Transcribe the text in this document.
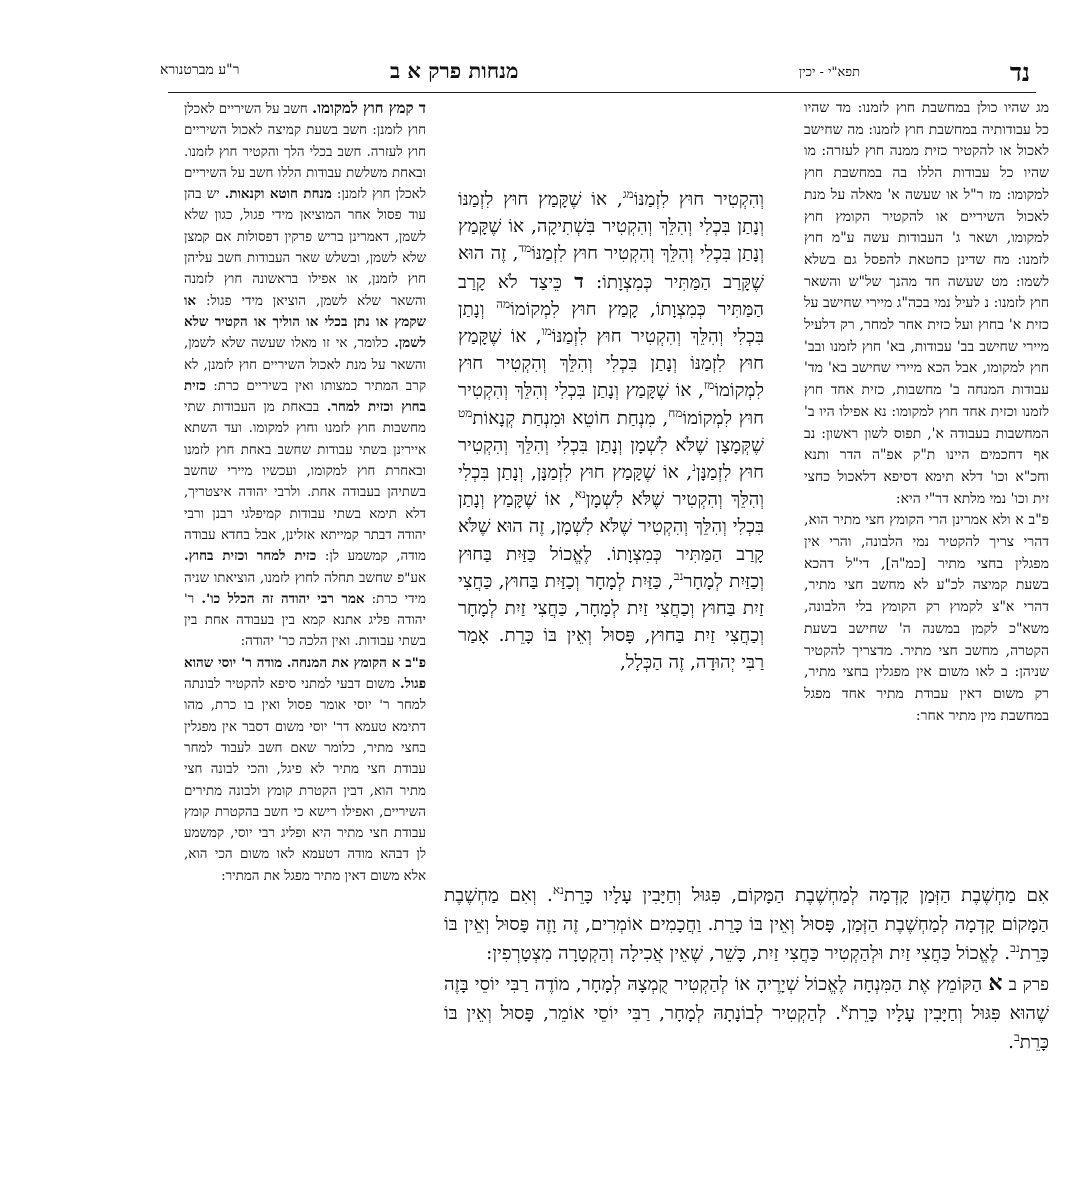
נד
תפא"י - יכין
מנחות פרק א ב
ר"ע מברטנורא

מג שהיו כולן במחשבת חוץ לזמנו: מד שהיו כל עבודותיה במחשבת חוץ לזמנו: מה שחישב לאכול או להקטיר כזית ממנה חוץ לעזרה: מו שהיו כל עבודות הללו בה במחשבת חוץ למקומו: מז ר"ל או שעשה א' מאלה על מנת לאכול השיריים או להקטיר הקומץ חוץ למקומו, ושאר ג' העבודות עשה ע"מ חוץ לזמנו: מח שדינן כחטאת להפסל גם בשלא לשמו: מט שעשה חד מהנך של"ש והשאר חוץ לזמנו: נ לעיל נמי בכה"ג מיירי שחישב על כזית א' בחוץ ועל כזית אחר למחר, רק דלעיל מיירי שחישב בב' עבודות, בא' חוץ לזמנו ובב' חוץ למקומו, אבל הכא מיירי שחישב בא' מד' עבודות המנחה ב' מחשבות, כזית אחד חוץ לזמנו וכזית אחד חוץ למקומו: נא אפילו היו ב' המחשבות בעבודה א', תפוס לשון ראשון: נב אף דחכמים היינו ת"ק אפ"ה הדר ותנא וחכ"א וכו' דלא תימא דסיפא דלאכול כחצי זית וכו' נמי מלתא דר"י היא:

פ"ב א ולא אמרינן הרי הקומץ חצי מתיר הוא, דהרי צריך להקטיר נמי הלבונה, והרי אין מפגלין בחצי מתיר [כמ"ה], די"ל דהכא בשעת קמיצה לכ"ע לא מחשב חצי מתיר, דהרי א"צ לקמוץ רק הקומץ בלי הלבונה, משא"כ לקמן במשנה ה' שחישב בשעת הקטרה, מחשב חצי מתיר. מדצריך להקטיר שניהן: ב לאו משום אין מפגלין בחצי מתיר, רק משום דאין עבודת מתיר אחד מפגל במחשבת מין מתיר אחר:

וְהִקְטִיר חוּץ לִזְמַנּוֹ$^{מג}$, אוֹ שֶׁקָּמַץ חוּץ לִזְמַנּוֹ וְנָתַן בִּכְלִי וְהִלֵּךְ וְהִקְטִיר בִּשְׁתִיקָה, אוֹ שֶׁקָּמַץ וְנָתַן בִּכְלִי וְהִלֵּךְ וְהִקְטִיר חוּץ לִזְמַנּוֹ$^{מד}$, זֶה הוּא שֶׁקָּרַב הַמַּתִּיר כְּמִצְוָתוֹ: ד כֵּיצַד לֹא קָרַב הַמַּתִּיר כְּמִצְוָתוֹ, קָמַץ חוּץ לִמְקוֹמוֹ$^{מה}$ וְנָתַן בִּכְלִי וְהִלֵּךְ וְהִקְטִיר חוּץ לִזְמַנּוֹ$^{מו}$, אוֹ שֶׁקָּמַץ חוּץ לִזְמַנּוֹ וְנָתַן בִּכְלִי וְהִלֵּךְ וְהִקְטִיר חוּץ לִמְקוֹמוֹ$^{מז}$, אוֹ שֶׁקָּמַץ וְנָתַן בִּכְלִי וְהִלֵּךְ וְהִקְטִיר חוּץ לִמְקוֹמוֹ$^{מח}$, מִנְחַת חוֹטֵא וּמִנְחַת קְנָאוֹת$^{מט}$ שֶׁקְּמָצָן שֶׁלֹּא לִשְׁמָן וְנָתַן בִּכְלִי וְהִלֵּךְ וְהִקְטִיר חוּץ לִזְמַנָּן$^נ$, אוֹ שֶׁקָּמַץ חוּץ לִזְמַנָּן, וְנָתַן בִּכְלִי וְהִלֵּךְ וְהִקְטִיר שֶׁלֹּא לִשְׁמָן$^{נא}$, אוֹ שֶׁקָּמַץ וְנָתַן בִּכְלִי וְהִלֵּךְ וְהִקְטִיר שֶׁלֹּא לִשְׁמָן, זֶה הוּא שֶׁלֹּא קָרַב הַמַּתִּיר כְּמִצְוָתוֹ. לֶאֱכוֹל כַּזַּיִת בַּחוּץ וְכַזַּיִת לְמָחָר$^{נב}$, כַּזַּיִת לְמָחָר וְכַזַּיִת בַּחוּץ, כַּחֲצִי זַיִת בַּחוּץ וְכַחֲצִי זַיִת לְמָחָר, כַּחֲצִי זַיִת לְמָחָר וְכַחֲצִי זַיִת בַּחוּץ, פָּסוּל וְאֵין בּוֹ כָּרֵת. אָמַר רַבִּי יְהוּדָה, זֶה הַכְּלָל,

ד קמץ חוץ למקומו. חשב על השיריים לאכלן חוץ לזמנן: חשב בשעת קמיצה לאכול השיריים חוץ לעזרה. חשב בכלי הלך והקטיר חוץ לזמנו. ובאחת משלשת עבודות הללו חשב על השיריים לאכלן חוץ לזמנן: מנחת חוטא וקנאות. יש בהן עוד פסול אחר המוציאן מידי פגול, כגון שלא לשמן, דאמרינן בריש פרקין דפסולות אם קמצן שלא לשמן, ובשלש שאר העבודות חשב עליהן חוץ לזמנן, או אפילו בראשונה חוץ לזמנה והשאר שלא לשמן, הוציאן מידי פגול: או שקמץ או נתן בכלי או הוליך או הקטיר שלא לשמן. כלומר, אי זו מאלו שעשה שלא לשמן, והשאר על מנת לאכול השיריים חוץ לזמנן, לא קרב המתיר כמצותו ואין בשיריים כרת: כזית בחוץ וכזית למחר. בבאחת מן העבודות שתי מחשבות חוץ לזמנו וחוץ למקומו. ועד השתא איירינן בשתי עבודות שחשב באחת חוץ לזמנו ובאחרת חוץ למקומו, ועכשיו מיירי שחשב בשתיהן בעבודה אחת. ולרבי יהודה איצטריך, דלא תימא בשתי עבודות קמיפלגי רבנן ורבי יהודה דבתר קמייתא אזלינן, אבל בחדא עבודה מודה, קמשמע לן: כזית למחר וכזית בחוץ. אע"פ שחשב תחלה לחוץ לזמנו, הוציאתו שניה מידי כרת: אמר רבי יהודה זה הכלל כו'. ר' יהודה פליג אתנא קמא בין בעבודה אחת בין בשתי עבודות. ואין הלכה כר' יהודה:

פ"ב א הקומץ את המנחה. מודה ר' יוסי שהוא פגול. משום דבעי למתני סיפא להקטיר לבונתה למחר ר' יוסי אומר פסול ואין בו כרת, מהו דתימא טעמא דר' יוסי משום דסבר אין מפגלין בחצי מתיר, כלומר שאם חשב לעבוד למחר עבודת חצי מתיר לא פיגל, והכי לבונה חצי מתיר הוא, דבין הקטרת קומץ ולבונה מתירים השיריים, ואפילו רישא כי חשב בהקטרת קומץ עבודת חצי מתיר היא ופליג רבי יוסי, קמשמע לן דבהא מודה דטעמא לאו משום הכי הוא, אלא משום דאין מתיר מפגל את המתיר:

אִם מַחְשֶׁבֶת הַזְּמַן קָדְמָה לְמַחְשֶׁבֶת הַמָּקוֹם, פִּגּוּל וְחַיָּבִין עָלָיו כָּרֵת$^{נא}$. וְאִם מַחְשֶׁבֶת הַמָּקוֹם קָדְמָה לְמַחְשֶׁבֶת הַזְּמַן, פָּסוּל וְאֵין בּוֹ כָּרֵת. וַחֲכָמִים אוֹמְרִים, זֶה וָזֶה פָּסוּל וְאֵין בּוֹ כָּרֵת$^{נב}$. לֶאֱכוֹל כַּחֲצִי זַיִת וּלְהַקְטִיר כַּחֲצִי זַיִת, כָּשֵׁר, שֶׁאֵין אֲכִילָה וְהַקְטָרָה מִצְטָרְפִין:

פרק ב א הַקּוֹמֵץ אֶת הַמִּנְחָה לֶאֱכוֹל שְׁיָרֶיהָ אוֹ לְהַקְטִיר קֻמְצָהּ לְמָחָר, מוֹדֶה רַבִּי יוֹסֵי בָּזֶה שֶׁהוּא פִּגּוּל וְחַיָּבִין עָלָיו כָּרֵת$^א$. לְהַקְטִיר לְבוֹנָתָהּ לְמָחָר, רַבִּי יוֹסֵי אוֹמֵר, פָּסוּל וְאֵין בּוֹ כָּרֵת$^ב$.
